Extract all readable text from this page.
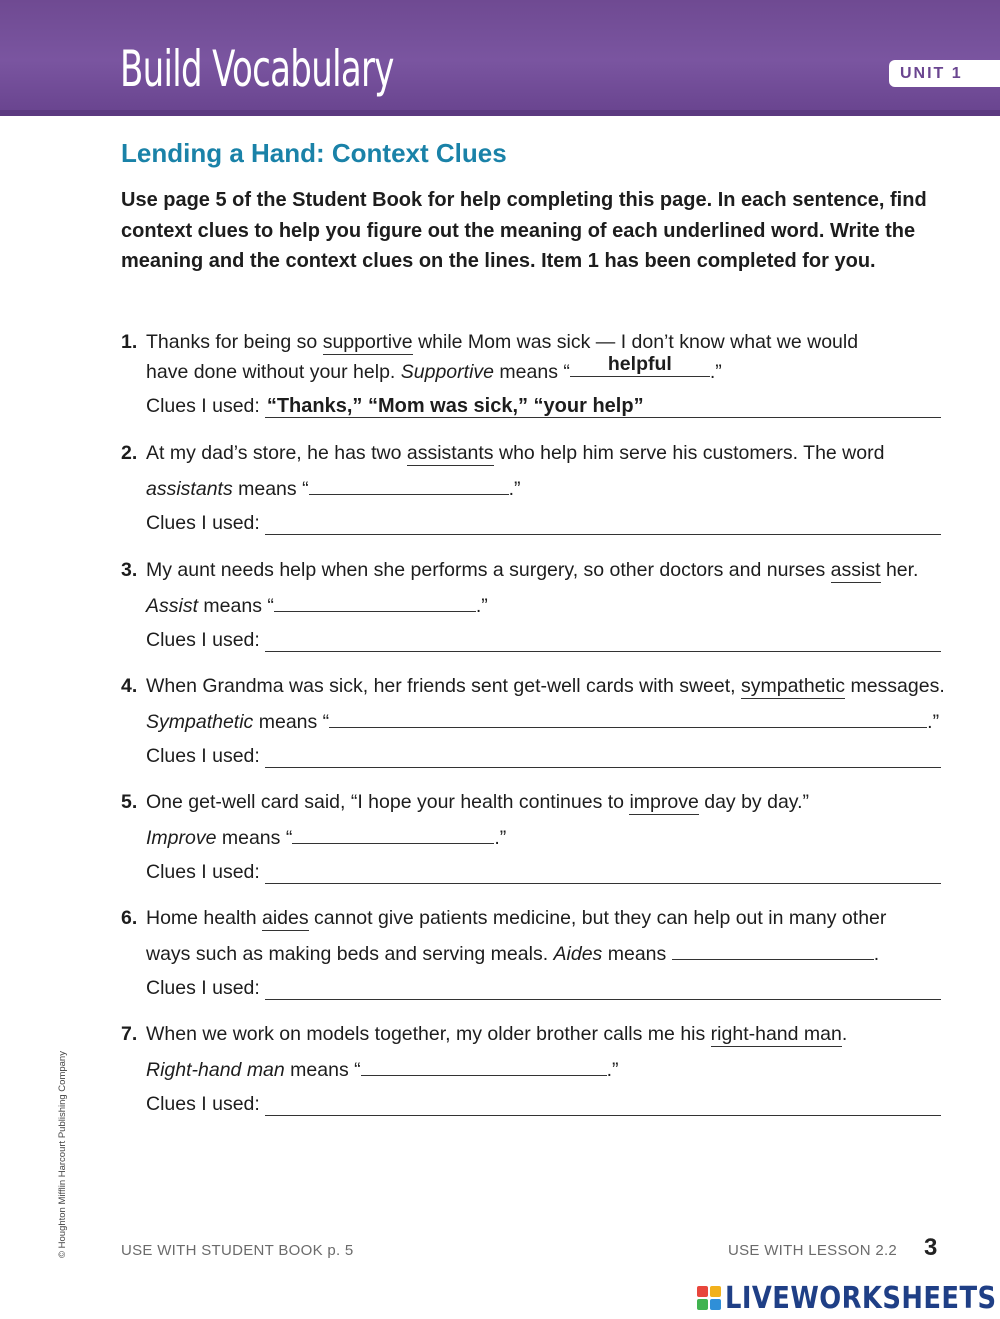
Build Vocabulary	UNIT 1
Lending a Hand: Context Clues
Use page 5 of the Student Book for help completing this page. In each sentence, find context clues to help you figure out the meaning of each underlined word. Write the meaning and the context clues on the lines. Item 1 has been completed for you.
1. Thanks for being so supportive while Mom was sick — I don’t know what we would
have done without your help. Supportive means “ helpful .”
Clues I used: “Thanks,” “Mom was sick,” “your help”
2. At my dad’s store, he has two assistants who help him serve his customers. The word
assistants means “	.”
Clues I used:
3. My aunt needs help when she performs a surgery, so other doctors and nurses assist her.
Assist means “	.”
Clues I used:
4. When Grandma was sick, her friends sent get-well cards with sweet, sympathetic messages.
Sympathetic means “	.”
Clues I used:
5. One get-well card said, “I hope your health continues to improve day by day.”
Improve means “	.”
Clues I used:
6. Home health aides cannot give patients medicine, but they can help out in many other
ways such as making beds and serving meals. Aides means	.
Clues I used:
7. When we work on models together, my older brother calls me his right-hand man.
Right-hand man means “	.”
Clues I used:
© Houghton Mifflin Harcourt Publishing Company	USE WITH STUDENT BOOK p. 5	USE WITH LESSON 2.2 3
LIVEWORKSHEETS
